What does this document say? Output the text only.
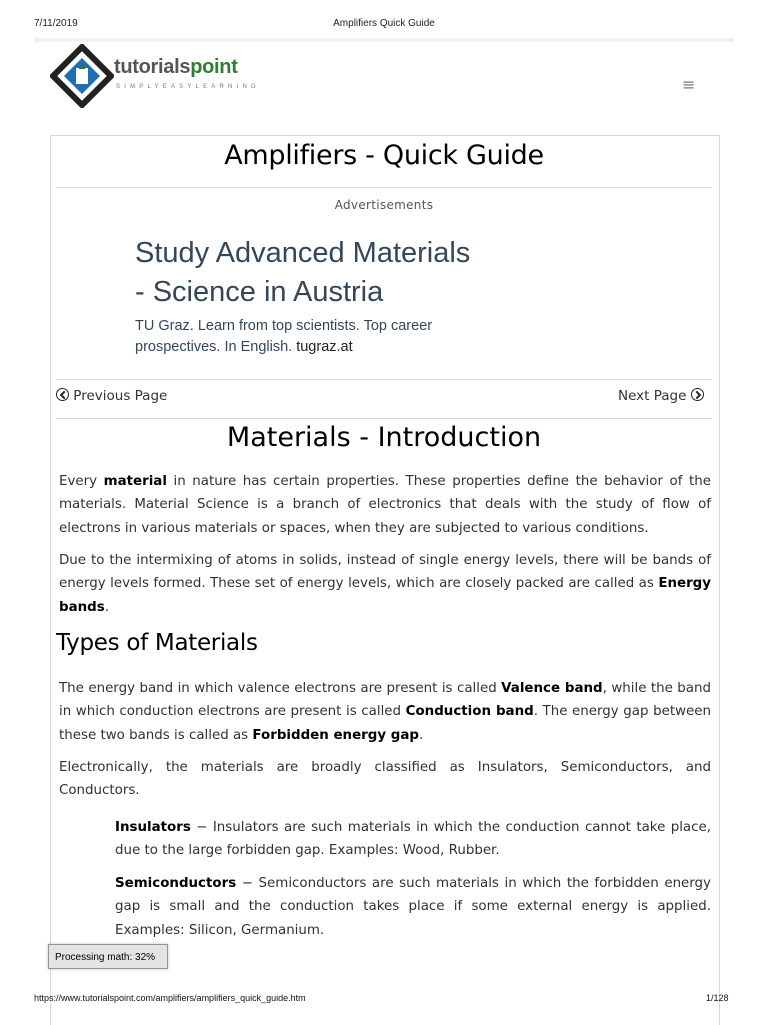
7/11/2019	Amplifiers Quick Guide
tutorialspoint
SIMPLYEASYLEARNING	≡
Amplifiers - Quick Guide
Advertisements
Study Advanced Materials
- Science in Austria
TU Graz. Learn from top scientists. Top career prospectives. In English. tugraz.at
Previous Page	Next Page
Materials - Introduction
Every material in nature has certain properties. These properties define the behavior of the materials. Material Science is a branch of electronics that deals with the study of flow of electrons in various materials or spaces, when they are subjected to various conditions.
Due to the intermixing of atoms in solids, instead of single energy levels, there will be bands of energy levels formed. These set of energy levels, which are closely packed are called as Energy bands.
Types of Materials
The energy band in which valence electrons are present is called Valence band, while the band in which conduction electrons are present is called Conduction band. The energy gap between these two bands is called as Forbidden energy gap.
Electronically, the materials are broadly classified as Insulators, Semiconductors, and Conductors.
Insulators − Insulators are such materials in which the conduction cannot take place, due to the large forbidden gap. Examples: Wood, Rubber.
Semiconductors − Semiconductors are such materials in which the forbidden energy gap is small and the conduction takes place if some external energy is applied. Examples: Silicon, Germanium.
Processing math: 32%
https://www.tutorialspoint.com/amplifiers/amplifiers_quick_guide.htm	1/128
